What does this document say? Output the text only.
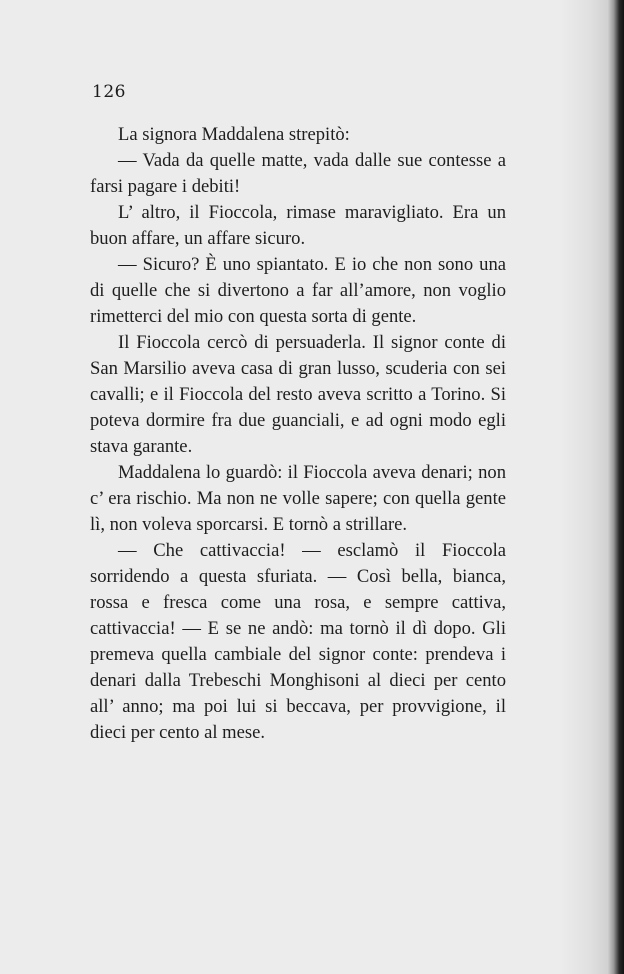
126

La signora Maddalena strepitò:

— Vada da quelle matte, vada dalle sue contesse a farsi pagare i debiti!

L’ altro, il Fioccola, rimase maravigliato. Era un buon affare, un affare sicuro.

— Sicuro? È uno spiantato. E io che non sono una di quelle che si divertono a far all’amore, non voglio rimetterci del mio con questa sorta di gente.

Il Fioccola cercò di persuaderla. Il signor conte di San Marsilio aveva casa di gran lusso, scuderia con sei cavalli; e il Fioccola del resto aveva scritto a Torino. Si poteva dormire fra due guanciali, e ad ogni modo egli stava garante.

Maddalena lo guardò: il Fioccola aveva denari; non c’ era rischio. Ma non ne volle sapere; con quella gente lì, non voleva sporcarsi. E tornò a strillare.

— Che cattivaccia! — esclamò il Fioccola sorridendo a questa sfuriata. — Così bella, bianca, rossa e fresca come una rosa, e sempre cattiva, cattivaccia! — E se ne andò: ma tornò il dì dopo. Gli premeva quella cambiale del signor conte: prendeva i denari dalla Trebeschi Monghisoni al dieci per cento all’ anno; ma poi lui si beccava, per provvigione, il dieci per cento al mese.
